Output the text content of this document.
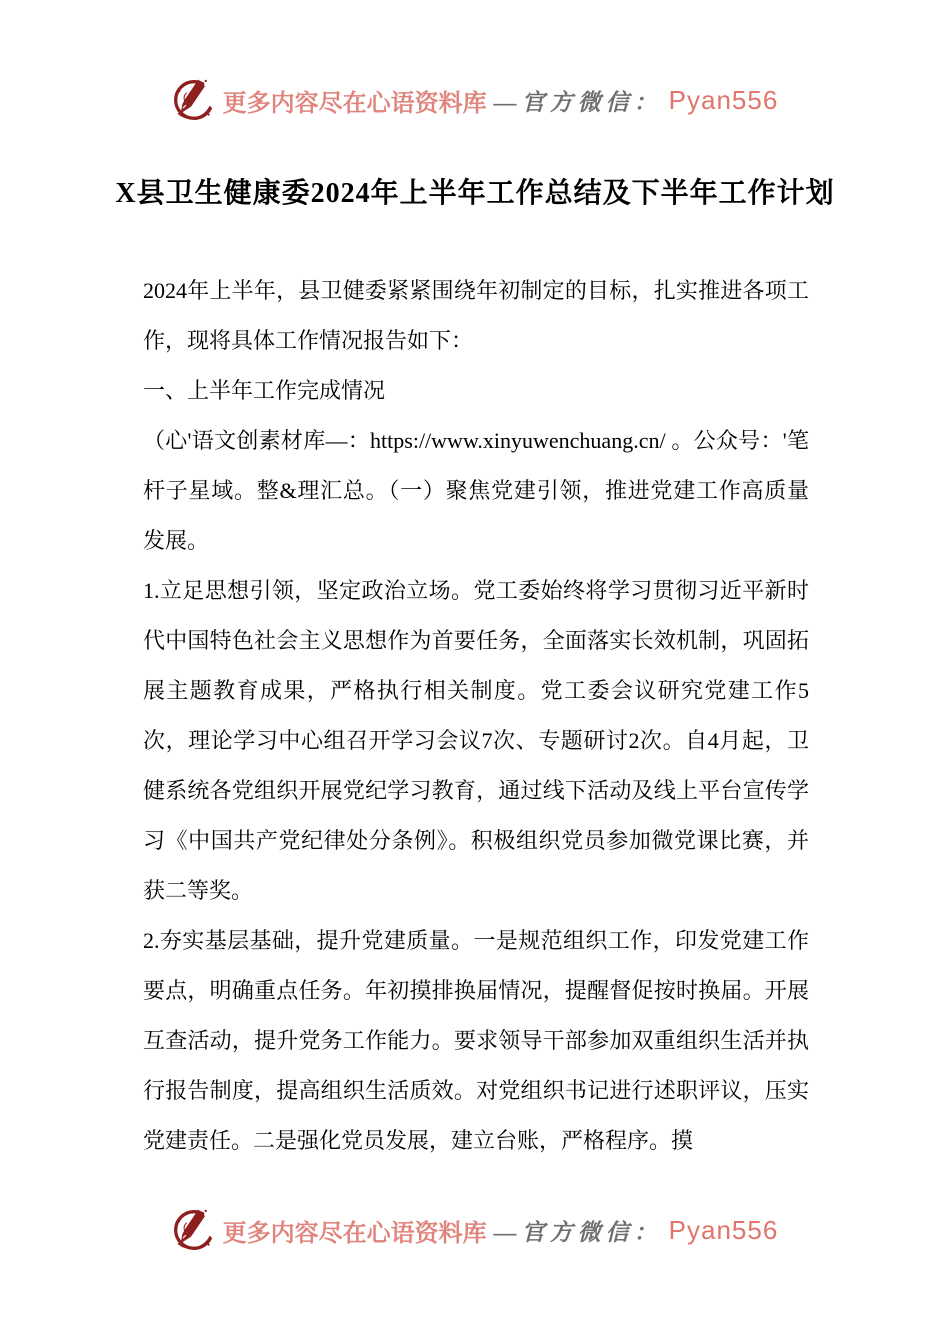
更多内容尽在心语资料库 —官方微信： Pyan556
X县卫生健康委2024年上半年工作总结及下半年工作计划

2024年上半年，县卫健委紧紧围绕年初制定的目标，扎实推进各项工作，现将具体工作情况报告如下：

一、上半年工作完成情况

（心'语文创素材库—：https://www.xinyuwenchuang.cn/ 。公众号：'笔杆子星域。整&理汇总。（一）聚焦党建引领，推进党建工作高质量发展。

1.立足思想引领，坚定政治立场。党工委始终将学习贯彻习近平新时代中国特色社会主义思想作为首要任务，全面落实长效机制，巩固拓展主题教育成果，严格执行相关制度。党工委会议研究党建工作5次，理论学习中心组召开学习会议7次、专题研讨2次。自4月起，卫健系统各党组织开展党纪学习教育，通过线下活动及线上平台宣传学习《中国共产党纪律处分条例》。积极组织党员参加微党课比赛，并获二等奖。

2.夯实基层基础，提升党建质量。一是规范组织工作，印发党建工作要点，明确重点任务。年初摸排换届情况，提醒督促按时换届。开展互查活动，提升党务工作能力。要求领导干部参加双重组织生活并执行报告制度，提高组织生活质效。对党组织书记进行述职评议，压实党建责任。二是强化党员发展，建立台账，严格程序。摸

更多内容尽在心语资料库 —官方微信： Pyan556
